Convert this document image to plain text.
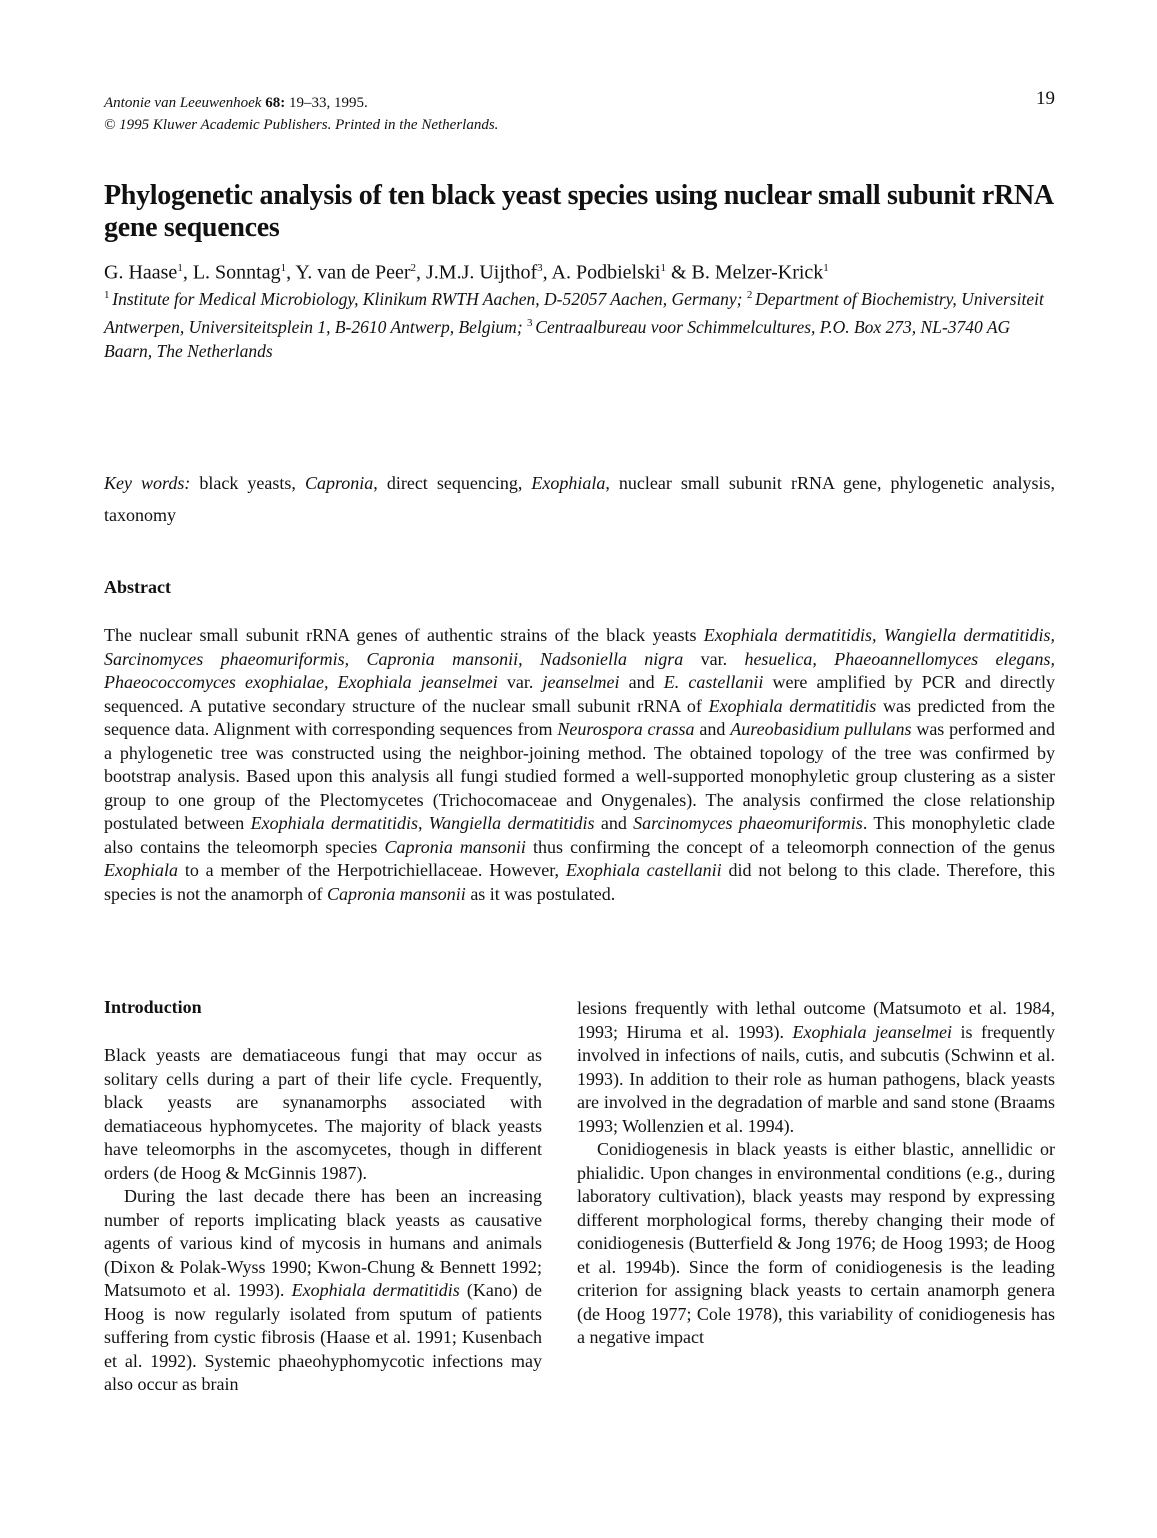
Antonie van Leeuwenhoek 68: 19–33, 1995.
© 1995 Kluwer Academic Publishers. Printed in the Netherlands.
19
Phylogenetic analysis of ten black yeast species using nuclear small subunit rRNA gene sequences
G. Haase$^1$, L. Sonntag$^1$, Y. van de Peer$^2$, J.M.J. Uijthof$^3$, A. Podbielski$^1$ & B. Melzer-Krick$^1$
$^1$ Institute for Medical Microbiology, Klinikum RWTH Aachen, D-52057 Aachen, Germany; $^2$ Department of Biochemistry, Universiteit Antwerpen, Universiteitsplein 1, B-2610 Antwerp, Belgium; $^3$ Centraalbureau voor Schimmelcultures, P.O. Box 273, NL-3740 AG Baarn, The Netherlands
Key words: black yeasts, Capronia, direct sequencing, Exophiala, nuclear small subunit rRNA gene, phylogenetic analysis, taxonomy
Abstract
The nuclear small subunit rRNA genes of authentic strains of the black yeasts Exophiala dermatitidis, Wangiella dermatitidis, Sarcinomyces phaeomuriformis, Capronia mansonii, Nadsoniella nigra var. hesuelica, Phaeoannellomyces elegans, Phaeococcomyces exophialae, Exophiala jeanselmei var. jeanselmei and E. castellanii were amplified by PCR and directly sequenced. A putative secondary structure of the nuclear small subunit rRNA of Exophiala dermatitidis was predicted from the sequence data. Alignment with corresponding sequences from Neurospora crassa and Aureobasidium pullulans was performed and a phylogenetic tree was constructed using the neighbor-joining method. The obtained topology of the tree was confirmed by bootstrap analysis. Based upon this analysis all fungi studied formed a well-supported monophyletic group clustering as a sister group to one group of the Plectomycetes (Trichocomaceae and Onygenales). The analysis confirmed the close relationship postulated between Exophiala dermatitidis, Wangiella dermatitidis and Sarcinomyces phaeomuriformis. This monophyletic clade also contains the teleomorph species Capronia mansonii thus confirming the concept of a teleomorph connection of the genus Exophiala to a member of the Herpotrichiellaceae. However, Exophiala castellanii did not belong to this clade. Therefore, this species is not the anamorph of Capronia mansonii as it was postulated.
Introduction

Black yeasts are dematiaceous fungi that may occur as solitary cells during a part of their life cycle. Frequently, black yeasts are synanamorphs associated with dematiaceous hyphomycetes. The majority of black yeasts have teleomorphs in the ascomycetes, though in different orders (de Hoog & McGinnis 1987).

During the last decade there has been an increasing number of reports implicating black yeasts as causative agents of various kind of mycosis in humans and animals (Dixon & Polak-Wyss 1990; Kwon-Chung & Bennett 1992; Matsumoto et al. 1993). Exophiala dermatitidis (Kano) de Hoog is now regularly isolated from sputum of patients suffering from cystic fibrosis (Haase et al. 1991; Kusenbach et al. 1992). Systemic phaeohyphomycotic infections may also occur as brain

lesions frequently with lethal outcome (Matsumoto et al. 1984, 1993; Hiruma et al. 1993). Exophiala jeanselmei is frequently involved in infections of nails, cutis, and subcutis (Schwinn et al. 1993). In addition to their role as human pathogens, black yeasts are involved in the degradation of marble and sand stone (Braams 1993; Wollenzien et al. 1994).

Conidiogenesis in black yeasts is either blastic, annellidic or phialidic. Upon changes in environmental conditions (e.g., during laboratory cultivation), black yeasts may respond by expressing different morphological forms, thereby changing their mode of conidiogenesis (Butterfield & Jong 1976; de Hoog 1993; de Hoog et al. 1994b). Since the form of conidiogenesis is the leading criterion for assigning black yeasts to certain anamorph genera (de Hoog 1977; Cole 1978), this variability of conidiogenesis has a negative impact
